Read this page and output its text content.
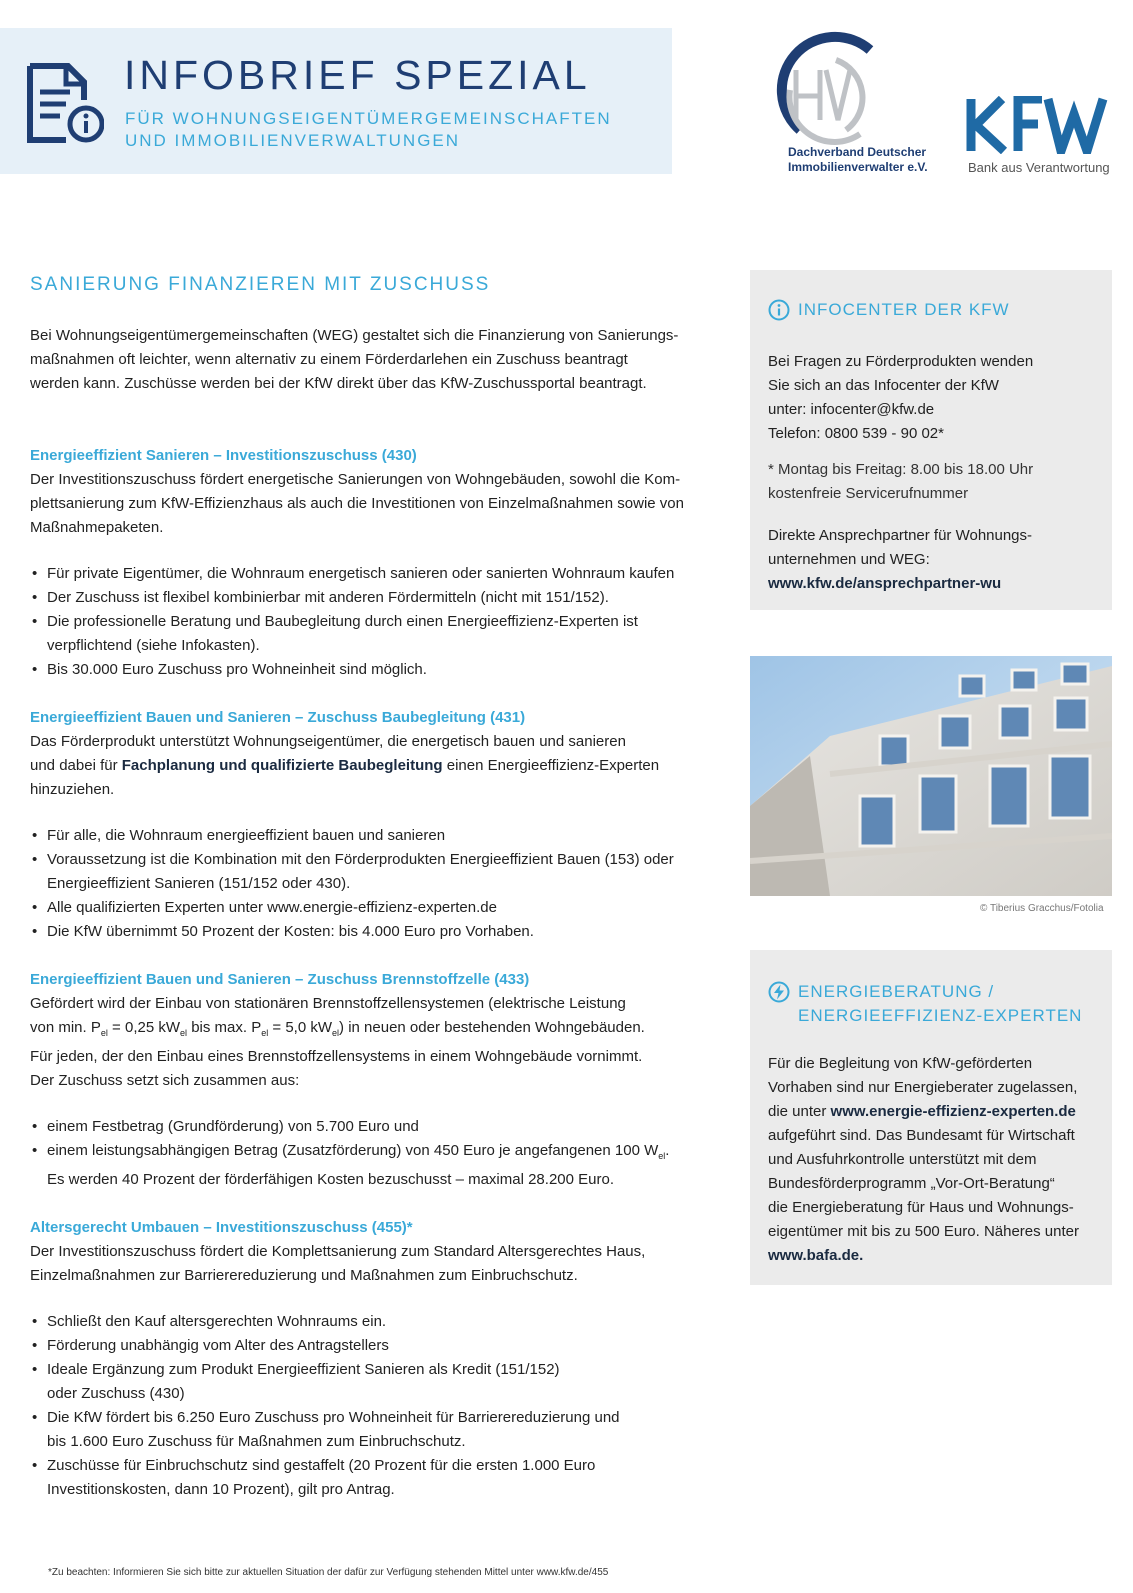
INFOBRIEF SPEZIAL
FÜR WOHNUNGSEIGENTÜMERGEMEINSCHAFTEN
UND IMMOBILIENVERWALTUNGEN
Dachverband Deutscher
Immobilienverwalter e.V.	Bank aus Verantwortung
SANIERUNG FINANZIEREN MIT ZUSCHUSS

Bei Wohnungseigentümergemeinschaften (WEG) gestaltet sich die Finanzierung von Sanierungs-

maßnahmen oft leichter, wenn alternativ zu einem Förderdarlehen ein Zuschuss beantragt

werden kann. Zuschüsse werden bei der KfW direkt über das KfW-Zuschussportal beantragt.

Energieeffizient Sanieren – Investitionszuschuss (430)

Der Investitionszuschuss fördert energetische Sanierungen von Wohngebäuden, sowohl die Kom-

plettsanierung zum KfW-Effizienzhaus als auch die Investitionen von Einzelmaßnahmen sowie von

Maßnahmepaketen.

• Für private Eigentümer, die Wohnraum energetisch sanieren oder sanierten Wohnraum kaufen
• Der Zuschuss ist flexibel kombinierbar mit anderen Fördermitteln (nicht mit 151/152).
• Die professionelle Beratung und Baubegleitung durch einen Energieeffizienz-Experten ist
verpflichtend (siehe Infokasten).
• Bis 30.000 Euro Zuschuss pro Wohneinheit sind möglich.
Energieeffizient Bauen und Sanieren – Zuschuss Baubegleitung (431)

Das Förderprodukt unterstützt Wohnungseigentümer, die energetisch bauen und sanieren

und dabei für Fachplanung und qualifizierte Baubegleitung einen Energieeffizienz-Experten

hinzuziehen.

• Für alle, die Wohnraum energieeffizient bauen und sanieren
• Voraussetzung ist die Kombination mit den Förderprodukten Energieeffizient Bauen (153) oder
Energieeffizient Sanieren (151/152 oder 430).
• Alle qualifizierten Experten unter www.energie-effizienz-experten.de
• Die KfW übernimmt 50 Prozent der Kosten: bis 4.000 Euro pro Vorhaben.
Energieeffizient Bauen und Sanieren – Zuschuss Brennstoffzelle (433)

Gefördert wird der Einbau von stationären Brennstoffzellensystemen (elektrische Leistung

von min. $P_{el} = 0,25$ $kW_{el}$ bis max. $P_{el} = 5,0$ $kW_{el}$) in neuen oder bestehenden Wohngebäuden.

Für jeden, der den Einbau eines Brennstoffzellensystems in einem Wohngebäude vornimmt.

Der Zuschuss setzt sich zusammen aus:

• einem Festbetrag (Grundförderung) von 5.700 Euro und
• einem leistungsabhängigen Betrag (Zusatzförderung) von 450 Euro je angefangenen 100 $W_{el}$.
Es werden 40 Prozent der förderfähigen Kosten bezuschusst – maximal 28.200 Euro.
Altersgerecht Umbauen – Investitionszuschuss (455)*

Der Investitionszuschuss fördert die Komplettsanierung zum Standard Altersgerechtes Haus,

Einzelmaßnahmen zur Barrierereduzierung und Maßnahmen zum Einbruchschutz.

• Schließt den Kauf altersgerechten Wohnraums ein.
• Förderung unabhängig vom Alter des Antragstellers
• Ideale Ergänzung zum Produkt Energieeffizient Sanieren als Kredit (151/152)
oder Zuschuss (430)
• Die KfW fördert bis 6.250 Euro Zuschuss pro Wohneinheit für Barrierereduzierung und
bis 1.600 Euro Zuschuss für Maßnahmen zum Einbruchschutz.
• Zuschüsse für Einbruchschutz sind gestaffelt (20 Prozent für die ersten 1.000 Euro
Investitionskosten, dann 10 Prozent), gilt pro Antrag.
INFOCENTER DER KFW

Bei Fragen zu Förderprodukten wenden

Sie sich an das Infocenter der KfW

unter: infocenter@kfw.de

Telefon: 0800 539 - 90 02*

* Montag bis Freitag: 8.00 bis 18.00 Uhr

kostenfreie Servicerufnummer

Direkte Ansprechpartner für Wohnungs-

unternehmen und WEG:

www.kfw.de/ansprechpartner-wu

© Tiberius Gracchus/Fotolia
ENERGIEBERATUNG /
ENERGIEEFFIZIENZ-EXPERTEN

Für die Begleitung von KfW-geförderten

Vorhaben sind nur Energieberater zugelassen,

die unter www.energie-effizienz-experten.de

aufgeführt sind. Das Bundesamt für Wirtschaft

und Ausfuhrkontrolle unterstützt mit dem

Bundesförderprogramm „Vor-Ort-Beratung“

die Energieberatung für Haus und Wohnungs-

eigentümer mit bis zu 500 Euro. Näheres unter

www.bafa.de.

*Zu beachten: Informieren Sie sich bitte zur aktuellen Situation der dafür zur Verfügung stehenden Mittel unter www.kfw.de/455
